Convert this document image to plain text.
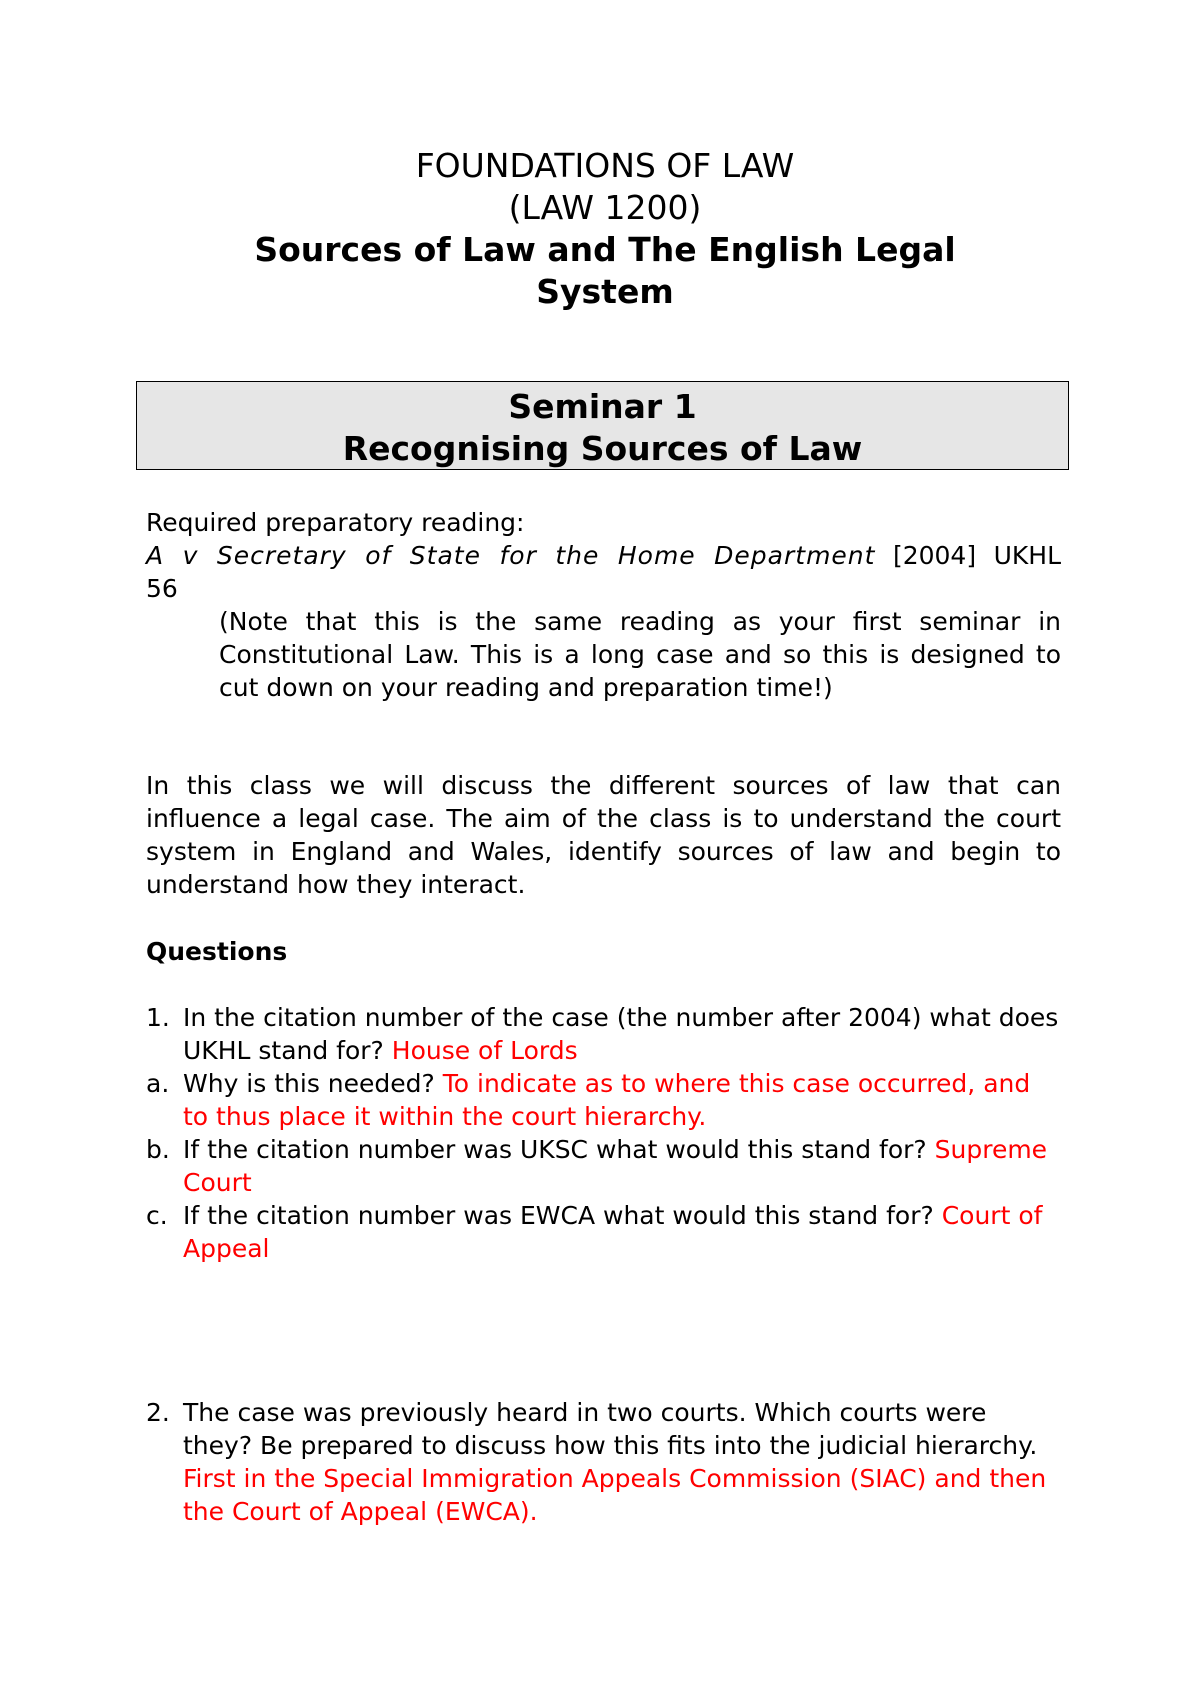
FOUNDATIONS OF LAW
(LAW 1200)
Sources of Law and The English Legal
System
Seminar 1
Recognising Sources of Law
Required preparatory reading:
A v Secretary of State for the Home Department [2004] UKHL
56
(Note that this is the same reading as your first seminar in Constitutional Law. This is a long case and so this is designed to cut down on your reading and preparation time!)
In this class we will discuss the different sources of law that can influence a legal case. The aim of the class is to understand the court system in England and Wales, identify sources of law and begin to understand how they interact.
Questions
1. In the citation number of the case (the number after 2004) what does UKHL stand for? House of Lords
a. Why is this needed? To indicate as to where this case occurred, and to thus place it within the court hierarchy.
b. If the citation number was UKSC what would this stand for? Supreme Court
c. If the citation number was EWCA what would this stand for? Court of Appeal
2. The case was previously heard in two courts. Which courts were they? Be prepared to discuss how this fits into the judicial hierarchy. First in the Special Immigration Appeals Commission (SIAC) and then the Court of Appeal (EWCA).
